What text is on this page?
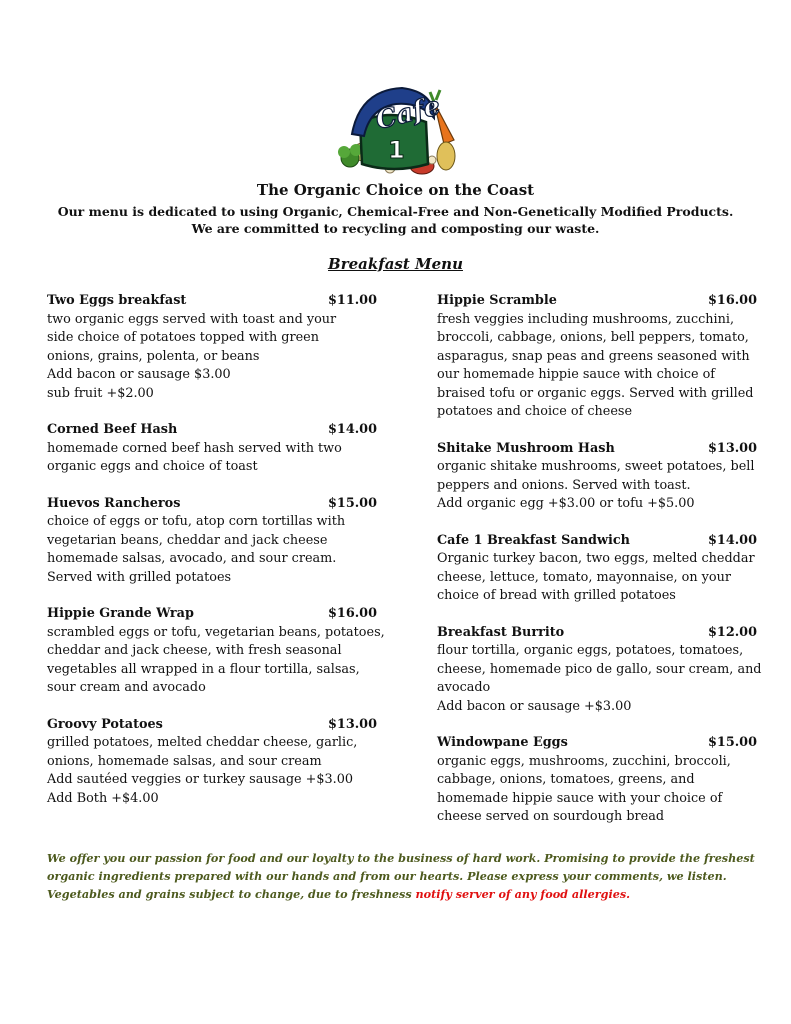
Cafe
1
The Organic Choice on the Coast
Our menu is dedicated to using Organic, Chemical-Free and Non-Genetically Modified Products.
We are committed to recycling and composting our waste.
Breakfast Menu
Two Eggs breakfast	$11.00
two organic eggs served with toast and your
side choice of potatoes topped with green
onions, grains, polenta, or beans
Add bacon or sausage $3.00
sub fruit +$2.00
Corned Beef Hash	$14.00
homemade corned beef hash served with two
organic eggs and choice of toast
Huevos Rancheros	$15.00
choice of eggs or tofu, atop corn tortillas with
vegetarian beans, cheddar and jack cheese
homemade salsas, avocado, and sour cream.
Served with grilled potatoes
Hippie Grande Wrap	$16.00
scrambled eggs or tofu, vegetarian beans, potatoes,
cheddar and jack cheese, with fresh seasonal
vegetables all wrapped in a flour tortilla, salsas,
sour cream and avocado
Groovy Potatoes	$13.00
grilled potatoes, melted cheddar cheese, garlic,
onions, homemade salsas, and sour cream
Add sautéed veggies or turkey sausage +$3.00
Add Both +$4.00
Hippie Scramble	$16.00
fresh veggies including mushrooms, zucchini,
broccoli, cabbage, onions, bell peppers, tomato,
asparagus, snap peas and greens seasoned with
our homemade hippie sauce with choice of
braised tofu or organic eggs. Served with grilled
potatoes and choice of cheese
Shitake Mushroom Hash	$13.00
organic shitake mushrooms, sweet potatoes, bell
peppers and onions. Served with toast.
Add organic egg +$3.00 or tofu +$5.00
Cafe 1 Breakfast Sandwich	$14.00
Organic turkey bacon, two eggs, melted cheddar
cheese, lettuce, tomato, mayonnaise, on your
choice of bread with grilled potatoes
Breakfast Burrito	$12.00
flour tortilla, organic eggs, potatoes, tomatoes,
cheese, homemade pico de gallo, sour cream, and
avocado
Add bacon or sausage +$3.00
Windowpane Eggs	$15.00
organic eggs, mushrooms, zucchini, broccoli,
cabbage, onions, tomatoes, greens, and
homemade hippie sauce with your choice of
cheese served on sourdough bread
We offer you our passion for food and our loyalty to the business of hard work. Promising to provide the freshest organic ingredients prepared with our hands and from our hearts. Please express your comments, we listen. Vegetables and grains subject to change, due to freshness notify server of any food allergies.
